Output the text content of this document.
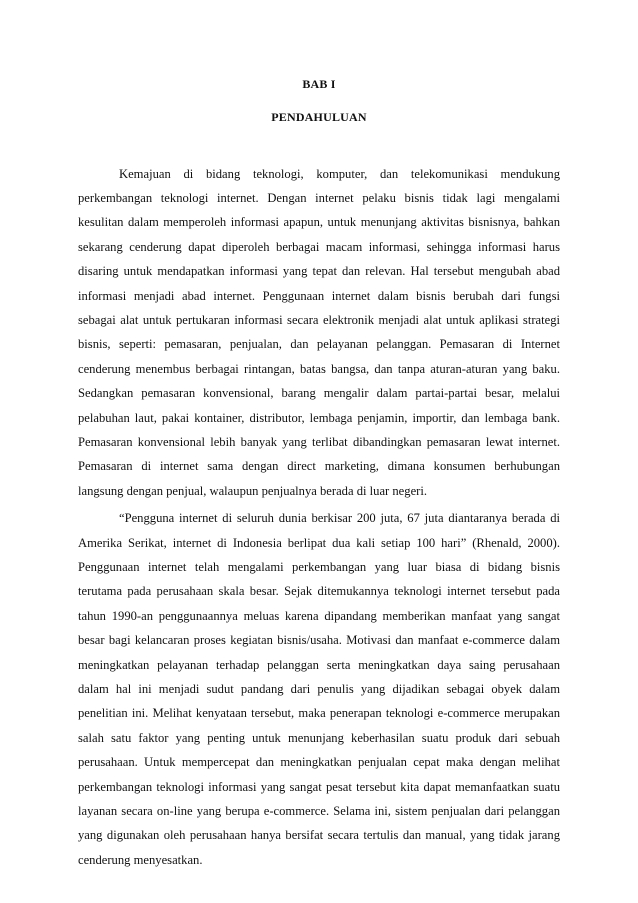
BAB I
PENDAHULUAN
Kemajuan di bidang teknologi, komputer, dan telekomunikasi mendukung
perkembangan teknologi internet. Dengan internet pelaku bisnis tidak lagi mengalami
kesulitan dalam memperoleh informasi apapun, untuk menunjang aktivitas bisnisnya, bahkan
sekarang cenderung dapat diperoleh berbagai macam informasi, sehingga informasi harus
disaring untuk mendapatkan informasi yang tepat dan relevan. Hal tersebut mengubah abad
informasi menjadi abad internet. Penggunaan internet dalam bisnis berubah dari fungsi
sebagai alat untuk pertukaran informasi secara elektronik menjadi alat untuk aplikasi strategi
bisnis, seperti: pemasaran, penjualan, dan pelayanan pelanggan. Pemasaran di Internet
cenderung menembus berbagai rintangan, batas bangsa, dan tanpa aturan-aturan yang baku.
Sedangkan pemasaran konvensional, barang mengalir dalam partai-partai besar, melalui
pelabuhan laut, pakai kontainer, distributor, lembaga penjamin, importir, dan lembaga bank.
Pemasaran konvensional lebih banyak yang terlibat dibandingkan pemasaran lewat internet.
Pemasaran di internet sama dengan direct marketing, dimana konsumen berhubungan
langsung dengan penjual, walaupun penjualnya berada di luar negeri.
“Pengguna internet di seluruh dunia berkisar 200 juta, 67 juta diantaranya berada di
Amerika Serikat, internet di Indonesia berlipat dua kali setiap 100 hari” (Rhenald, 2000).
Penggunaan internet telah mengalami perkembangan yang luar biasa di bidang bisnis
terutama pada perusahaan skala besar. Sejak ditemukannya teknologi internet tersebut pada
tahun 1990-an penggunaannya meluas karena dipandang memberikan manfaat yang sangat
besar bagi kelancaran proses kegiatan bisnis/usaha. Motivasi dan manfaat e-commerce dalam
meningkatkan pelayanan terhadap pelanggan serta meningkatkan daya saing perusahaan
dalam hal ini menjadi sudut pandang dari penulis yang dijadikan sebagai obyek dalam
penelitian ini. Melihat kenyataan tersebut, maka penerapan teknologi e-commerce merupakan
salah satu faktor yang penting untuk menunjang keberhasilan suatu produk dari sebuah
perusahaan. Untuk mempercepat dan meningkatkan penjualan cepat maka dengan melihat
perkembangan teknologi informasi yang sangat pesat tersebut kita dapat memanfaatkan suatu
layanan secara on-line yang berupa e-commerce. Selama ini, sistem penjualan dari pelanggan
yang digunakan oleh perusahaan hanya bersifat secara tertulis dan manual, yang tidak jarang
cenderung menyesatkan.
